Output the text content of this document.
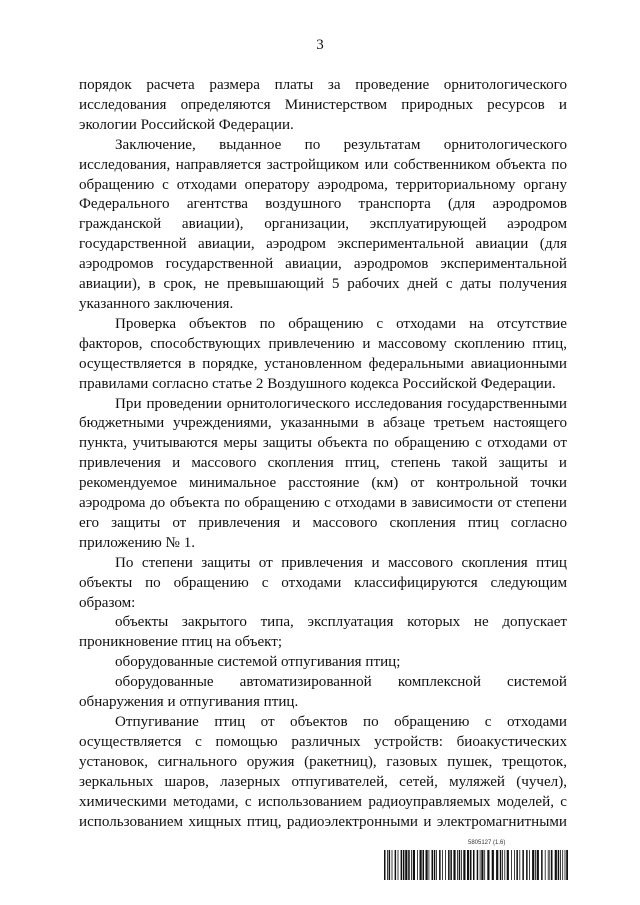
3

порядок расчета размера платы за проведение орнитологического исследования определяются Министерством природных ресурсов и экологии Российской Федерации.

Заключение, выданное по результатам орнитологического исследования, направляется застройщиком или собственником объекта по обращению с отходами оператору аэродрома, территориальному органу Федерального агентства воздушного транспорта (для аэродромов гражданской авиации), организации, эксплуатирующей аэродром государственной авиации, аэродром экспериментальной авиации (для аэродромов государственной авиации, аэродромов экспериментальной авиации), в срок, не превышающий 5 рабочих дней с даты получения указанного заключения.

Проверка объектов по обращению с отходами на отсутствие факторов, способствующих привлечению и массовому скоплению птиц, осуществляется в порядке, установленном федеральными авиационными правилами согласно статье 2 Воздушного кодекса Российской Федерации.

При проведении орнитологического исследования государственными бюджетными учреждениями, указанными в абзаце третьем настоящего пункта, учитываются меры защиты объекта по обращению с отходами от привлечения и массового скопления птиц, степень такой защиты и рекомендуемое минимальное расстояние (км) от контрольной точки аэродрома до объекта по обращению с отходами в зависимости от степени его защиты от привлечения и массового скопления птиц согласно приложению № 1.

По степени защиты от привлечения и массового скопления птиц объекты по обращению с отходами классифицируются следующим образом:

объекты закрытого типа, эксплуатация которых не допускает проникновение птиц на объект;

оборудованные системой отпугивания птиц;

оборудованные автоматизированной комплексной системой обнаружения и отпугивания птиц.

Отпугивание птиц от объектов по обращению с отходами осуществляется с помощью различных устройств: биоакустических установок, сигнального оружия (ракетниц), газовых пушек, трещоток, зеркальных шаров, лазерных отпугивателей, сетей, муляжей (чучел), химическими методами, с использованием радиоуправляемых моделей, с использованием хищных птиц, радиоэлектронными и электромагнитными

5805127 (1.6)
